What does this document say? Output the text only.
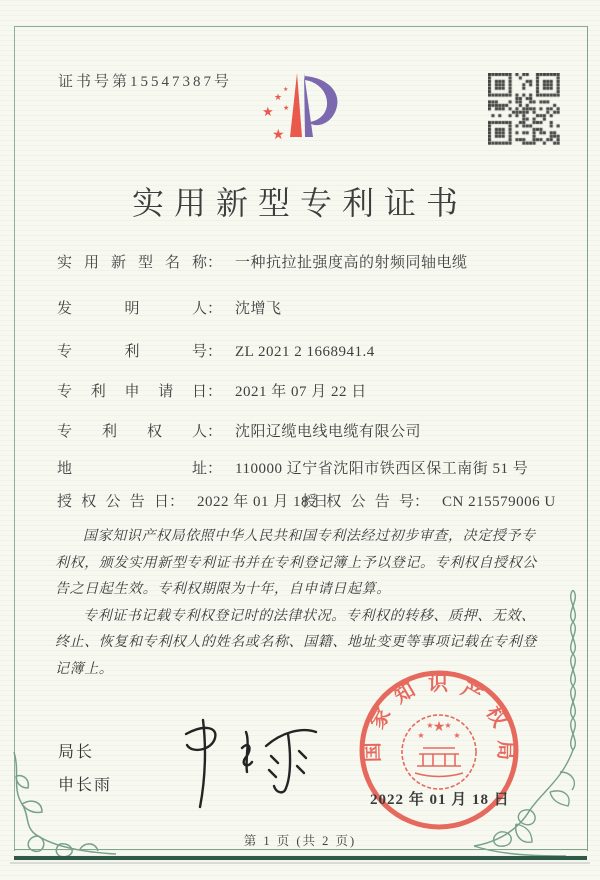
证书号第15547387号
★
★
★
★
★
实用新型专利证书
实用新型名称： 一种抗拉扯强度高的射频同轴电缆
发明人： 沈增飞
专利号： ZL 2021 2 1668941.4
专利申请日： 2021 年 07 月 22 日
专利权人： 沈阳辽缆电线电缆有限公司
地址： 110000 辽宁省沈阳市铁西区保工南街 51 号
授权公告日： 2022 年 01 月 18 日
授权公告号： CN 215579006 U

国家知识产权局依照中华人民共和国专利法经过初步审查，决定授予专利权，颁发实用新型专利证书并在专利登记簿上予以登记。专利权自授权公告之日起生效。专利权期限为十年，自申请日起算。

专利证书记载专利权登记时的法律状况。专利权的转移、质押、无效、终止、恢复和专利权人的姓名或名称、国籍、地址变更等事项记载在专利登记簿上。

局长
申长雨
国家知识产权局
★
★
★ ★
★
2022 年 01 月 18 日
第 1 页 (共 2 页)
